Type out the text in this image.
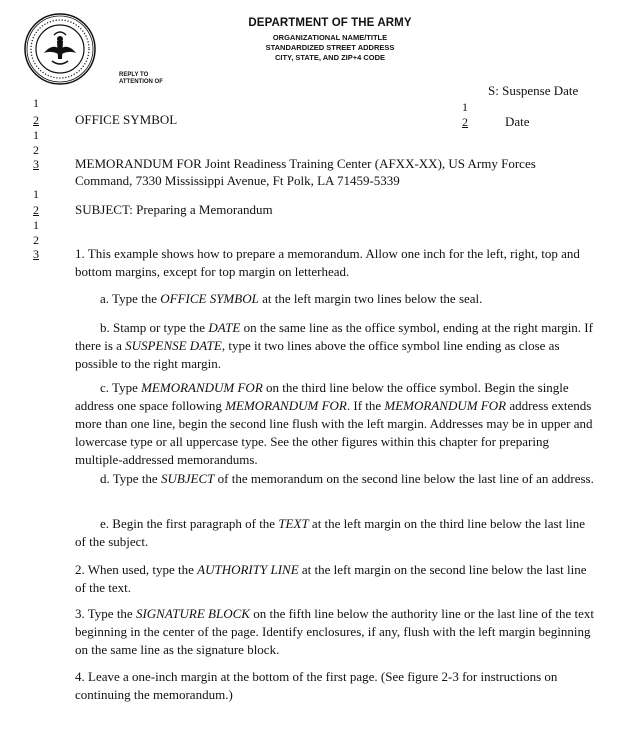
DEPARTMENT OF THE ARMY
ORGANIZATIONAL NAME/TITLE
STANDARDIZED STREET ADDRESS
CITY, STATE, AND ZIP+4 CODE
REPLY TO
ATTENTION OF
S: Suspense Date
1
2	Date
1
2
1
2
3
1
2
1
2
3
OFFICE SYMBOL
MEMORANDUM FOR Joint Readiness Training Center (AFXX-XX), US Army Forces
Command, 7330 Mississippi Avenue, Ft Polk, LA 71459-5339
SUBJECT: Preparing a Memorandum
1. This example shows how to prepare a memorandum. Allow one inch for the left, right, top and bottom margins, except for top margin on letterhead.
a. Type the OFFICE SYMBOL at the left margin two lines below the seal.
b. Stamp or type the DATE on the same line as the office symbol, ending at the right margin. If there is a SUSPENSE DATE, type it two lines above the office symbol line ending as close as possible to the right margin.
c. Type MEMORANDUM FOR on the third line below the office symbol. Begin the single address one space following MEMORANDUM FOR. If the MEMORANDUM FOR address extends more than one line, begin the second line flush with the left margin. Addresses may be in upper and lowercase type or all uppercase type. See the other figures within this chapter for preparing multiple-addressed memorandums.
d. Type the SUBJECT of the memorandum on the second line below the last line of an address.
e. Begin the first paragraph of the TEXT at the left margin on the third line below the last line of the subject.
2. When used, type the AUTHORITY LINE at the left margin on the second line below the last line of the text.
3. Type the SIGNATURE BLOCK on the fifth line below the authority line or the last line of the text beginning in the center of the page. Identify enclosures, if any, flush with the left margin beginning on the same line as the signature block.
4. Leave a one-inch margin at the bottom of the first page. (See figure 2-3 for instructions on continuing the memorandum.)
